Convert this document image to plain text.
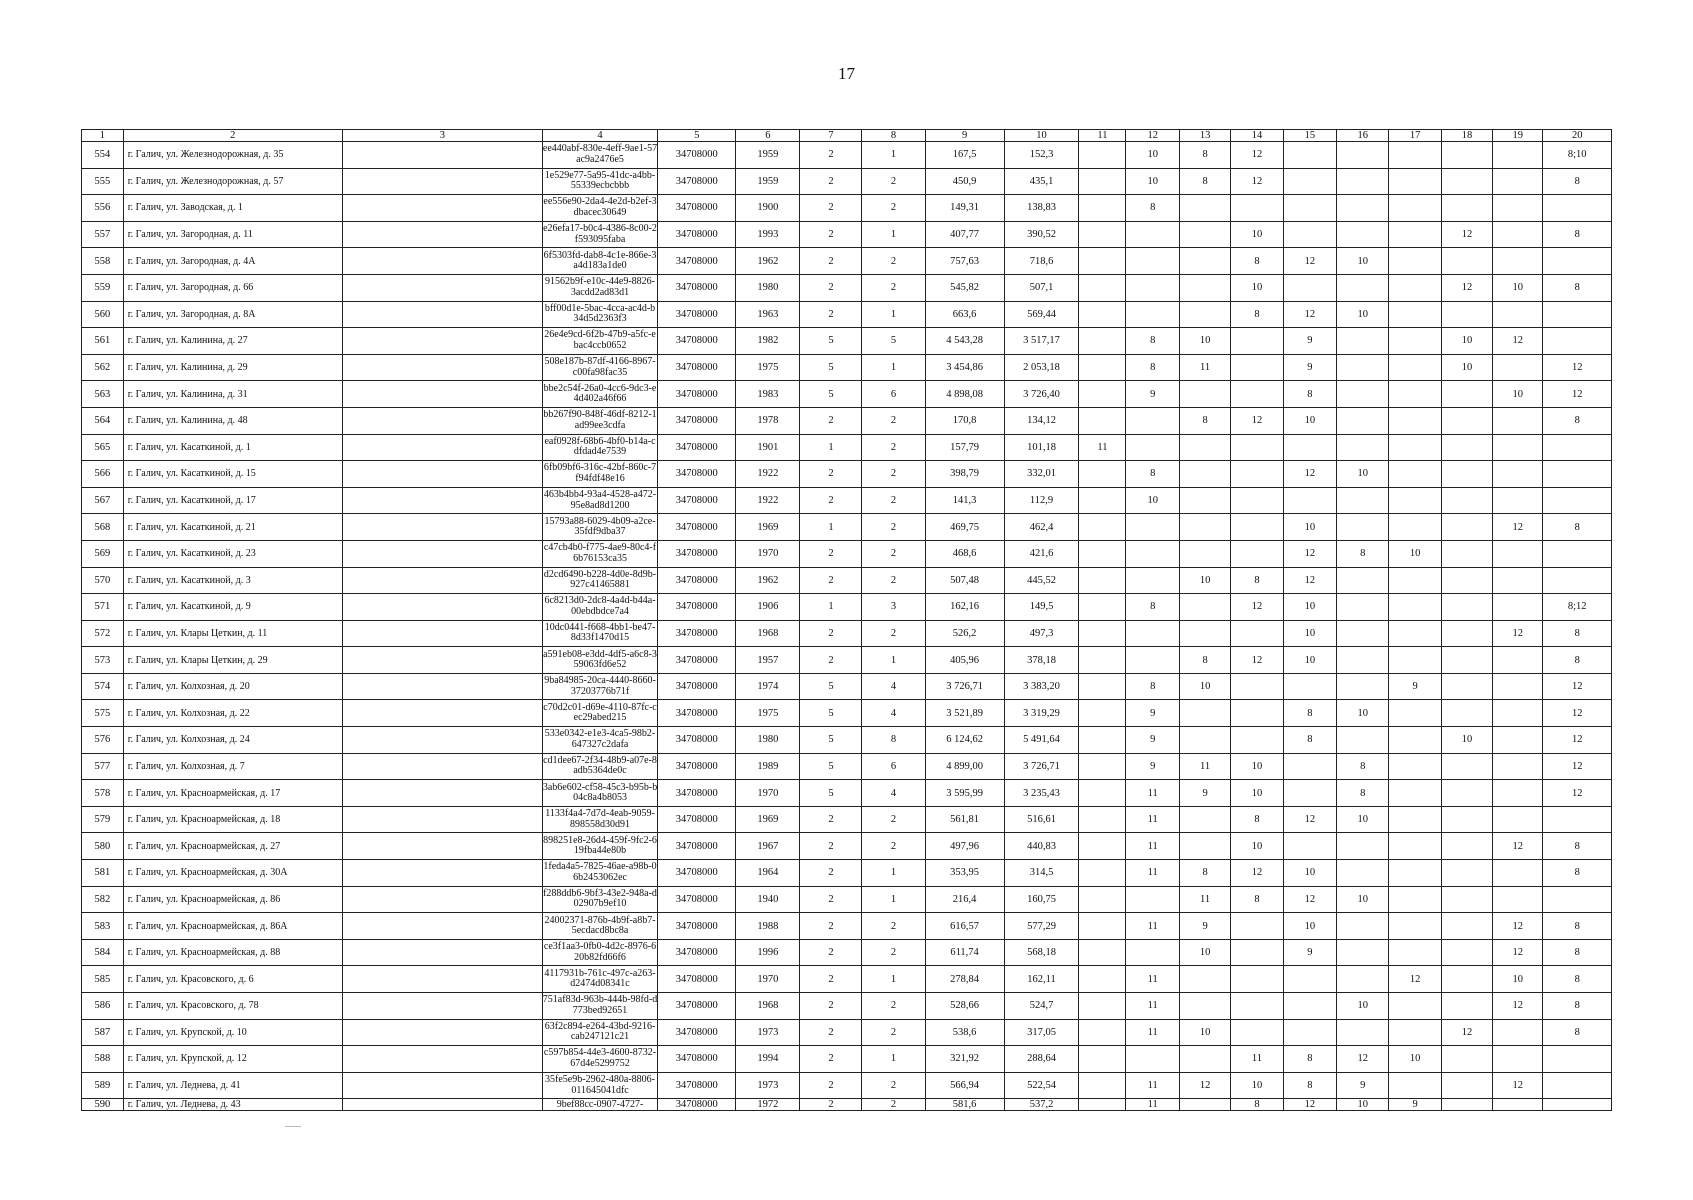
17
1	2	3	4	5	6	7	8	9	10	11	12	13	14	15	16	17	18	19	20
554	г. Галич, ул. Железнодорожная, д. 35		ee440abf-830e-4eff-9ae1-57ac9a2476e5	34708000	1959	2	1	167,5	152,3		10	8	12						8;10
555	г. Галич, ул. Железнодорожная, д. 57		1e529e77-5a95-41dc-a4bb-55339ecbcbbb	34708000	1959	2	2	450,9	435,1		10	8	12						8
556	г. Галич, ул. Заводская, д. 1		ee556e90-2da4-4e2d-b2ef-3dbacec30649	34708000	1900	2	2	149,31	138,83		8								
557	г. Галич, ул. Загородная, д. 11		e26efa17-b0c4-4386-8c00-2f593095faba	34708000	1993	2	1	407,77	390,52				10				12		8
558	г. Галич, ул. Загородная, д. 4А		6f5303fd-dab8-4c1e-866e-3a4d183a1de0	34708000	1962	2	2	757,63	718,6				8	12	10				
559	г. Галич, ул. Загородная, д. 66		91562b9f-e10c-44e9-8826-3acdd2ad83d1	34708000	1980	2	2	545,82	507,1				10				12	10	8
560	г. Галич, ул. Загородная, д. 8А		bff00d1e-5bac-4cca-ac4d-b34d5d2363f3	34708000	1963	2	1	663,6	569,44				8	12	10				
561	г. Галич, ул. Калинина, д. 27		26e4e9cd-6f2b-47b9-a5fc-ebac4ccb0652	34708000	1982	5	5	4 543,28	3 517,17		8	10		9			10	12	
562	г. Галич, ул. Калинина, д. 29		508e187b-87df-4166-8967-c00fa98fac35	34708000	1975	5	1	3 454,86	2 053,18		8	11		9			10		12
563	г. Галич, ул. Калинина, д. 31		bbe2c54f-26a0-4cc6-9dc3-e4d402a46f66	34708000	1983	5	6	4 898,08	3 726,40		9			8				10	12
564	г. Галич, ул. Калинина, д. 48		bb267f90-848f-46df-8212-1ad99ee3cdfa	34708000	1978	2	2	170,8	134,12			8	12	10					8
565	г. Галич, ул. Касаткиной, д. 1		eaf0928f-68b6-4bf0-b14a-cdfdad4e7539	34708000	1901	1	2	157,79	101,18	11									
566	г. Галич, ул. Касаткиной, д. 15		6fb09bf6-316c-42bf-860c-7f94fdf48e16	34708000	1922	2	2	398,79	332,01		8			12	10				
567	г. Галич, ул. Касаткиной, д. 17		463b4bb4-93a4-4528-a472-95e8ad8d1200	34708000	1922	2	2	141,3	112,9		10								
568	г. Галич, ул. Касаткиной, д. 21		15793a88-6029-4b09-a2ce-35fdf9dba37	34708000	1969	1	2	469,75	462,4					10				12	8
569	г. Галич, ул. Касаткиной, д. 23		c47cb4b0-f775-4ae9-80c4-f6b76153ca35	34708000	1970	2	2	468,6	421,6					12	8	10			
570	г. Галич, ул. Касаткиной, д. 3		d2cd6490-b228-4d0e-8d9b-927c41465881	34708000	1962	2	2	507,48	445,52			10	8	12					
571	г. Галич, ул. Касаткиной, д. 9		6c8213d0-2dc8-4a4d-b44a-00ebdbdce7a4	34708000	1906	1	3	162,16	149,5		8		12	10					8;12
572	г. Галич, ул. Клары Цеткин, д. 11		10dc0441-f668-4bb1-be47-8d33f1470d15	34708000	1968	2	2	526,2	497,3					10				12	8
573	г. Галич, ул. Клары Цеткин, д. 29		a591eb08-e3dd-4df5-a6c8-359063fd6e52	34708000	1957	2	1	405,96	378,18			8	12	10					8
574	г. Галич, ул. Колхозная, д. 20		9ba84985-20ca-4440-8660-37203776b71f	34708000	1974	5	4	3 726,71	3 383,20		8	10				9			12
575	г. Галич, ул. Колхозная, д. 22		c70d2c01-d69e-4110-87fc-cec29abed215	34708000	1975	5	4	3 521,89	3 319,29		9			8	10				12
576	г. Галич, ул. Колхозная, д. 24		533e0342-e1e3-4ca5-98b2-647327c2dafa	34708000	1980	5	8	6 124,62	5 491,64		9			8			10		12
577	г. Галич, ул. Колхозная, д. 7		cd1dee67-2f34-48b9-a07e-8adb5364de0c	34708000	1989	5	6	4 899,00	3 726,71		9	11	10		8				12
578	г. Галич, ул. Красноармейская, д. 17		3ab6e602-cf58-45c3-b95b-b04c8a4b8053	34708000	1970	5	4	3 595,99	3 235,43		11	9	10		8				12
579	г. Галич, ул. Красноармейская, д. 18		1133f4a4-7d7d-4eab-9059-898558d30d91	34708000	1969	2	2	561,81	516,61		11		8	12	10				
580	г. Галич, ул. Красноармейская, д. 27		898251e8-26d4-459f-9fc2-619fba44e80b	34708000	1967	2	2	497,96	440,83		11		10					12	8
581	г. Галич, ул. Красноармейская, д. 30А		1feda4a5-7825-46ae-a98b-06b2453062ec	34708000	1964	2	1	353,95	314,5		11	8	12	10					8
582	г. Галич, ул. Красноармейская, д. 86		f288ddb6-9bf3-43e2-948a-d02907b9ef10	34708000	1940	2	1	216,4	160,75			11	8	12	10				
583	г. Галич, ул. Красноармейская, д. 86А		24002371-876b-4b9f-a8b7-5ecdacd8bc8a	34708000	1988	2	2	616,57	577,29		11	9		10				12	8
584	г. Галич, ул. Красноармейская, д. 88		ce3f1aa3-0fb0-4d2c-8976-620b82fd66f6	34708000	1996	2	2	611,74	568,18			10		9				12	8
585	г. Галич, ул. Красовского, д. 6		4117931b-761c-497c-a263-d2474d08341c	34708000	1970	2	1	278,84	162,11		11					12		10	8
586	г. Галич, ул. Красовского, д. 78		751af83d-963b-444b-98fd-d773bed92651	34708000	1968	2	2	528,66	524,7		11				10			12	8
587	г. Галич, ул. Крупской, д. 10		63f2c894-e264-43bd-9216-cab247121c21	34708000	1973	2	2	538,6	317,05		11	10					12		8
588	г. Галич, ул. Крупской, д. 12		c597b854-44e3-4600-8732-67d4e5299752	34708000	1994	2	1	321,92	288,64				11	8	12	10			
589	г. Галич, ул. Леднева, д. 41		35fe5e9b-2962-480a-8806-011645041dfc	34708000	1973	2	2	566,94	522,54		11	12	10	8	9			12	
590	г. Галич, ул. Леднева, д. 43		9bef88cc-0907-4727-	34708000	1972	2	2	581,6	537,2		11		8	12	10	9			
